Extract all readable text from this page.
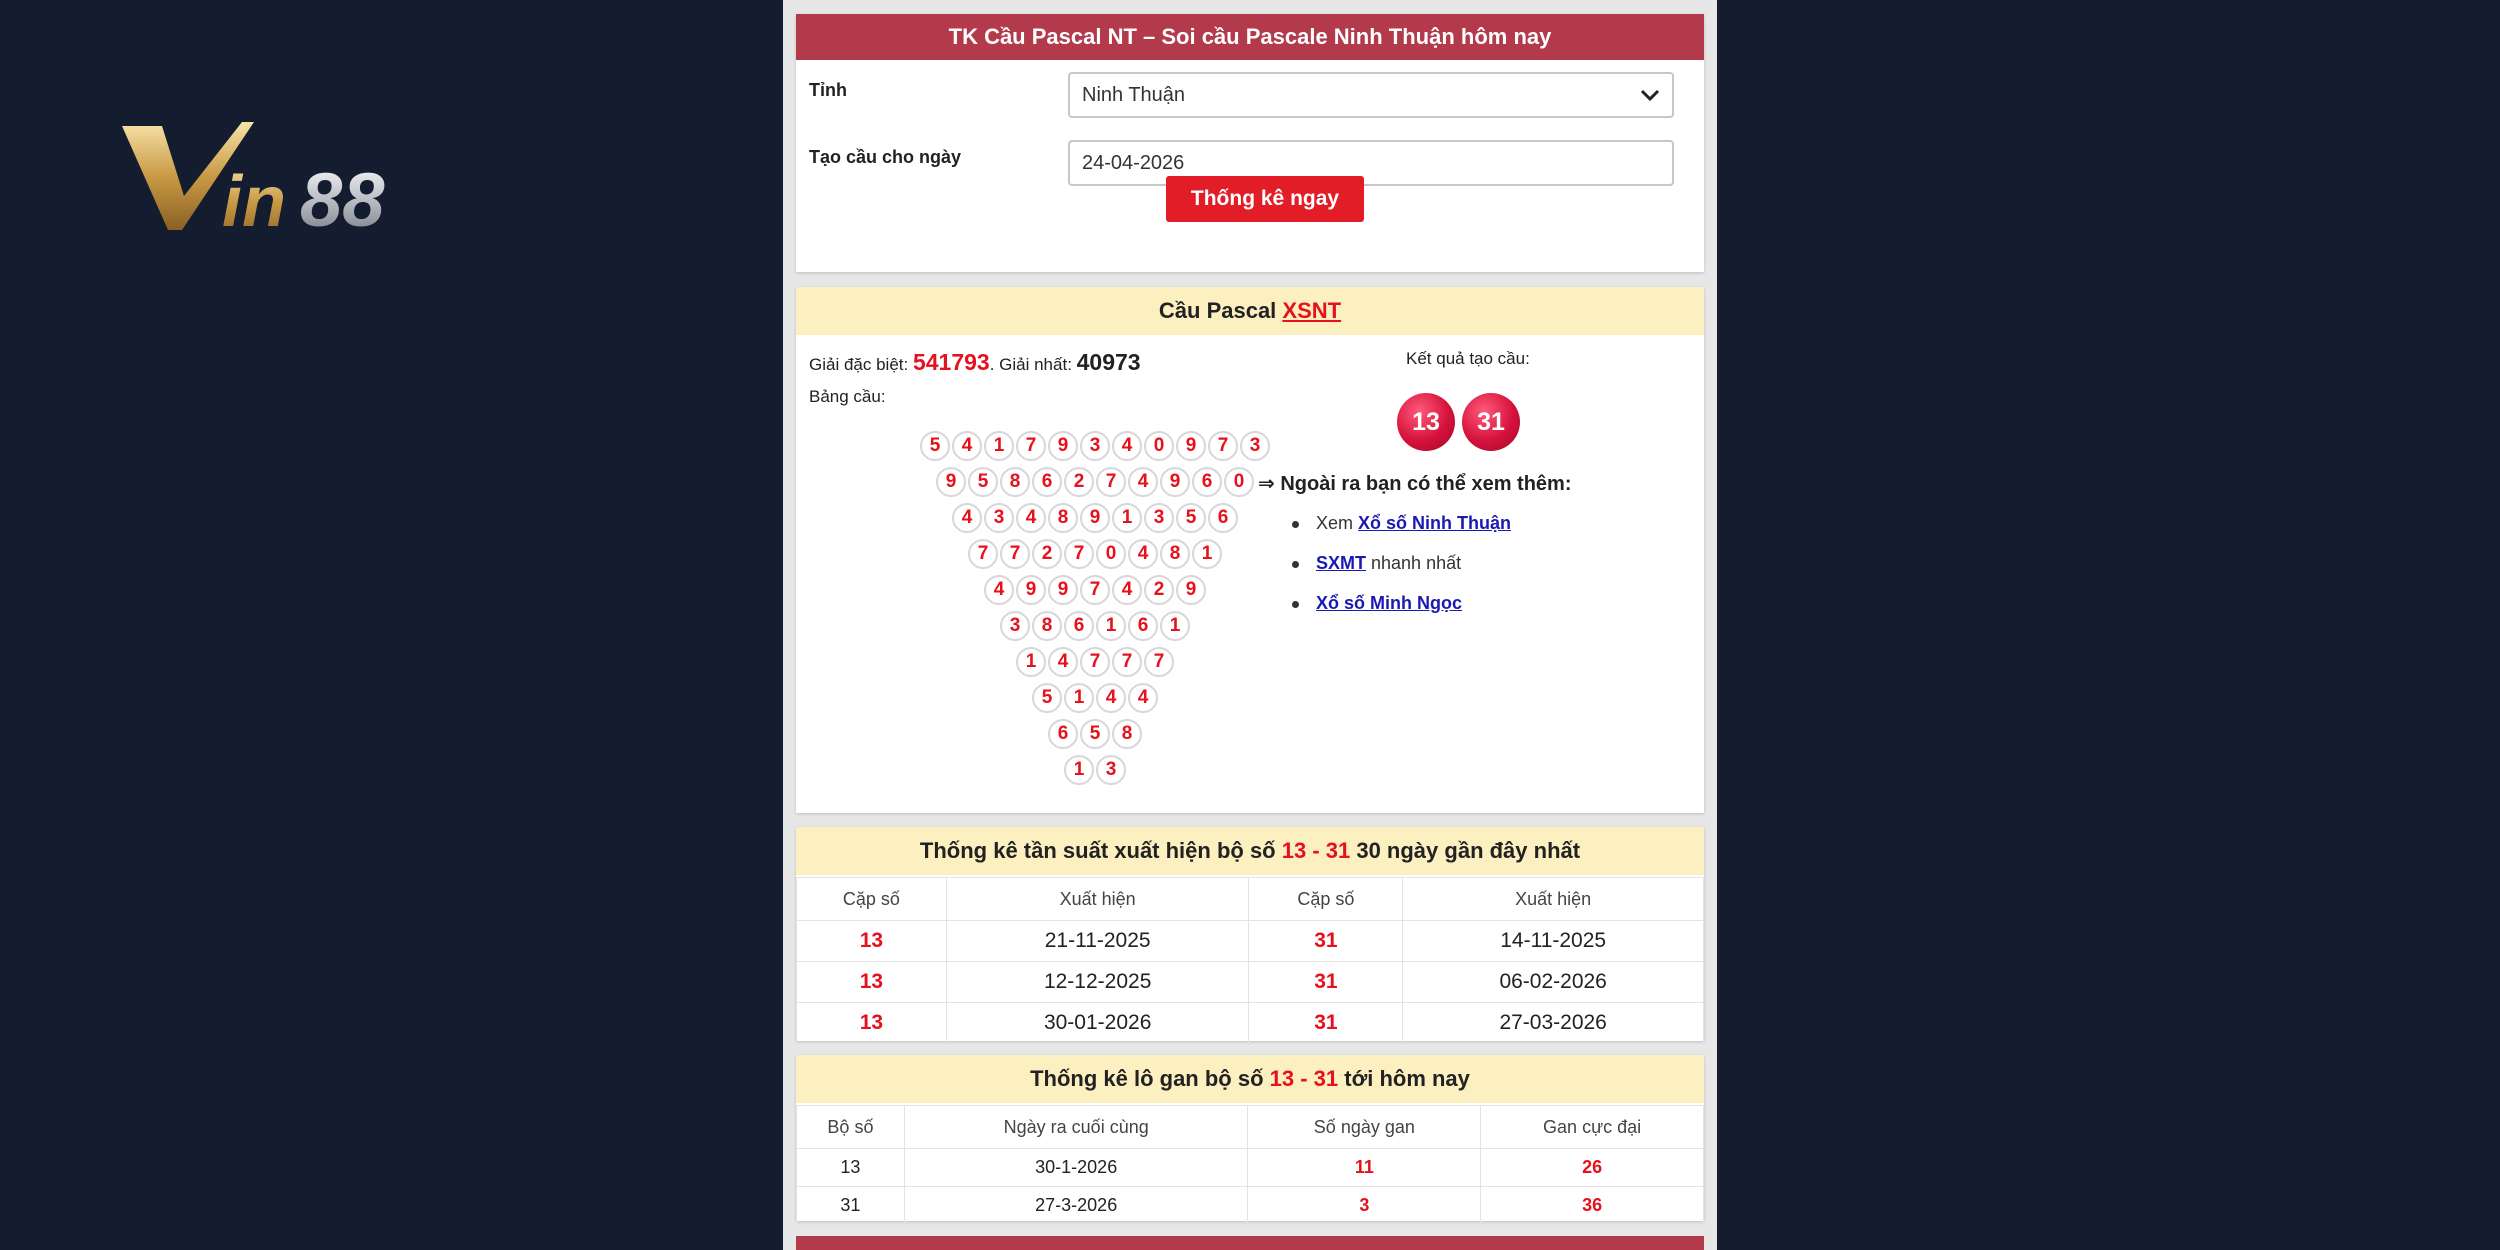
in 88
TK Cầu Pascal NT – Soi cầu Pascale Ninh Thuận hôm nay
Tỉnh	Ninh Thuận
Tạo cầu cho ngày	24-04-2026
Thống kê ngay
Cầu Pascal XSNT
Giải đặc biệt: 541793. Giải nhất: 40973
Bảng cầu:
5	4	1	7	9	3	4	0	9	7	3
9	5	8	6	2	7	4	9	6	0
4	3	4	8	9	1	3	5	6
7	7	2	7	0	4	8	1
4	9	9	7	4	2	9
3	8	6	1	6	1
1	4	7	7	7
5	1	4	4
6	5	8
1	3
Kết quả tạo cầu:
13	31
⇒ Ngoài ra bạn có thể xem thêm:
Xem Xổ số Ninh Thuận
SXMT nhanh nhất
Xổ số Minh Ngọc
Thống kê tần suất xuất hiện bộ số 13 - 31 30 ngày gần đây nhất
Cặp số	Xuất hiện	Cặp số	Xuất hiện
13	21-11-2025	31	14-11-2025
13	12-12-2025	31	06-02-2026
13	30-01-2026	31	27-03-2026
Thống kê lô gan bộ số 13 - 31 tới hôm nay
Bộ số	Ngày ra cuối cùng	Số ngày gan	Gan cực đại
13	30-1-2026	11	26
31	27-3-2026	3	36
